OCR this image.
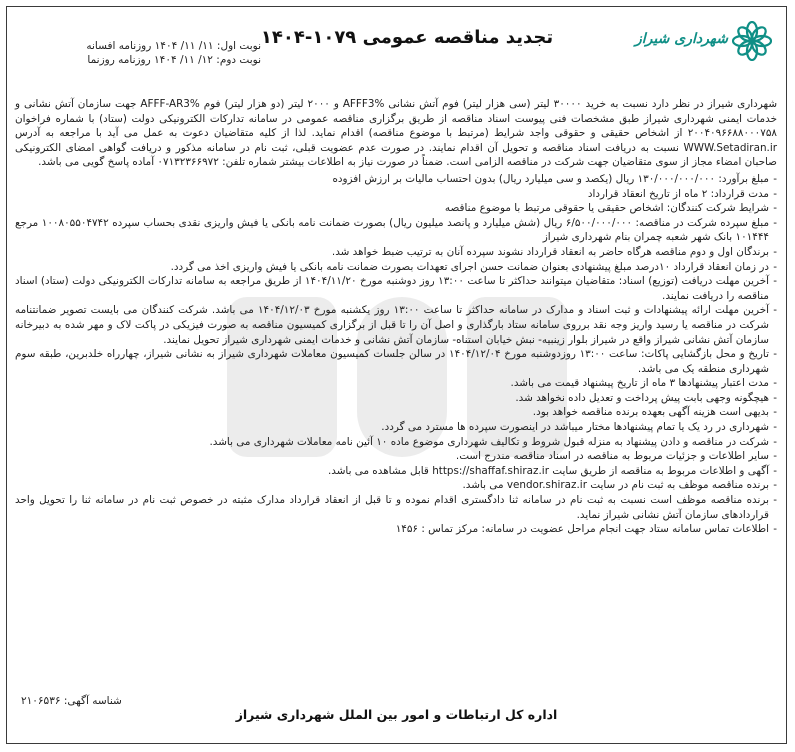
شهرداری شیراز
تجدید مناقصه عمومی ۱۰۷۹-۱۴۰۴
نوبت اول: ۱۱/ ۱۱/ ۱۴۰۴ روزنامه افسانه
نوبت دوم: ۱۲/ ۱۱/ ۱۴۰۴ روزنامه روزنما

شهرداری شیراز در نظر دارد نسبت به خرید ۳۰۰۰۰ لیتر (سی هزار لیتر) فوم آتش نشانی AFFF3% و ۲۰۰۰ لیتر (دو هزار لیتر) فوم AFFF-AR3% جهت سازمان آتش نشانی و خدمات ایمنی شهرداری شیراز طبق مشخصات فنی پیوست اسناد مناقصه از طریق برگزاری مناقصه عمومی در سامانه تدارکات الکترونیکی دولت (ستاد) با شماره فراخوان ۲۰۰۴۰۹۶۶۸۸۰۰۰۷۵۸ از اشخاص حقیقی و حقوقی واجد شرایط (مرتبط با موضوع مناقصه) اقدام نماید. لذا از کلیه متقاضیان دعوت به عمل می آید با مراجعه به آدرس WWW.Setadiran.ir نسبت به دریافت اسناد مناقصه و تحویل آن اقدام نمایند. در صورت عدم عضویت قبلی، ثبت نام در سامانه مذکور و دریافت گواهی امضای الکترونیکی صاحبان امضاء مجاز از سوی متقاضیان جهت شرکت در مناقصه الزامی است. ضمناً در صورت نیاز به اطلاعات بیشتر شماره تلفن: ۰۷۱۳۲۳۶۶۹۷۲ آماده پاسخ گویی می باشد.

- مبلغ برآورد: ۱۳۰/۰۰۰/۰۰۰/۰۰۰ ریال (یکصد و سی میلیارد ریال) بدون احتساب مالیات بر ارزش افزوده
- مدت قرارداد: ۲ ماه از تاریخ انعقاد قرارداد
- شرایط شرکت کنندگان: اشخاص حقیقی یا حقوقی مرتبط با موضوع مناقصه
- مبلغ سپرده شرکت در مناقصه: ۶/۵۰۰/۰۰۰/۰۰۰ ریال (شش میلیارد و پانصد میلیون ریال) بصورت ضمانت نامه بانکی یا فیش واریزی نقدی بحساب سپرده ۱۰۰۸۰۵۵۰۴۷۴۲ مرجع ۱۰۱۴۴۴ بانک شهر شعبه چمران بنام شهرداری شیراز
- برندگان اول و دوم مناقصه هرگاه حاضر به انعقاد قرارداد نشوند سپرده آنان به ترتیب ضبط خواهد شد.
- در زمان انعقاد قرارداد ۱۰درصد مبلغ پیشنهادی بعنوان ضمانت حسن اجرای تعهدات بصورت ضمانت نامه بانکی یا فیش واریزی اخذ می گردد.
- آخرین مهلت دریافت (توزیع) اسناد: متقاضیان میتوانند حداکثر تا ساعت ۱۳:۰۰ روز دوشنبه مورخ ۱۴۰۴/۱۱/۲۰ از طریق مراجعه به سامانه تدارکات الکترونیکی دولت (ستاد) اسناد مناقصه را دریافت نمایند.
- آخرین مهلت ارائه پیشنهادات و ثبت اسناد و مدارک در سامانه حداکثر تا ساعت ۱۳:۰۰ روز یکشنبه مورخ ۱۴۰۴/۱۲/۰۳ می باشد. شرکت کنندگان می بایست تصویر ضمانتنامه شرکت در مناقصه یا رسید واریز وجه نقد برروی سامانه ستاد بارگذاری و اصل آن را تا قبل از برگزاری کمیسیون مناقصه به صورت فیزیکی در پاکت لاک و مهر شده به دبیرخانه سازمان آتش نشانی شیراز واقع در شیراز بلوار زینبیه- نبش خیابان استناه- سازمان آتش نشانی و خدمات ایمنی شهرداری شیراز تحویل نمایند.
- تاریخ و محل بازگشایی پاکات: ساعت ۱۳:۰۰ روزدوشنبه مورخ ۱۴۰۴/۱۲/۰۴ در سالن جلسات کمیسیون معاملات شهرداری شیراز به نشانی شیراز، چهارراه خلدبرین، طبقه سوم شهرداری منطقه یک می باشد.
- مدت اعتبار پیشنهادها ۳ ماه از تاریخ پیشنهاد قیمت می باشد.
- هیچگونه وجهی بابت پیش پرداخت و تعدیل داده نخواهد شد.
- بدیهی است هزینه آگهی بعهده برنده مناقصه خواهد بود.
- شهرداری در رد یک یا تمام پیشنهادها مختار میباشد در اینصورت سپرده ها مسترد می گردد.
- شرکت در مناقصه و دادن پیشنهاد به منزله قبول شروط و تکالیف شهرداری موضوع ماده ۱۰ آئین نامه معاملات شهرداری می باشد.
- سایر اطلاعات و جزئیات مربوط به مناقصه در اسناد مناقصه مندرج است.
- آگهی و اطلاعات مربوط به مناقصه از طریق سایت https://shaffaf.shiraz.ir قابل مشاهده می باشد.
- برنده مناقصه موظف به ثبت نام در سایت vendor.shiraz.ir می باشد.
- برنده مناقصه موظف است نسبت به ثبت نام در سامانه ثنا دادگستری اقدام نموده و تا قبل از انعقاد قرارداد مدارک مثبته در خصوص ثبت نام در سامانه ثنا را تحویل واحد قراردادهای سازمان آتش نشانی شیراز نماید.
- اطلاعات تماس سامانه ستاد جهت انجام مراحل عضویت در سامانه: مرکز تماس : ۱۴۵۶
شناسه آگهی: ۲۱۰۶۵۳۶
اداره کل ارتباطات و امور بین الملل شهرداری شیراز
